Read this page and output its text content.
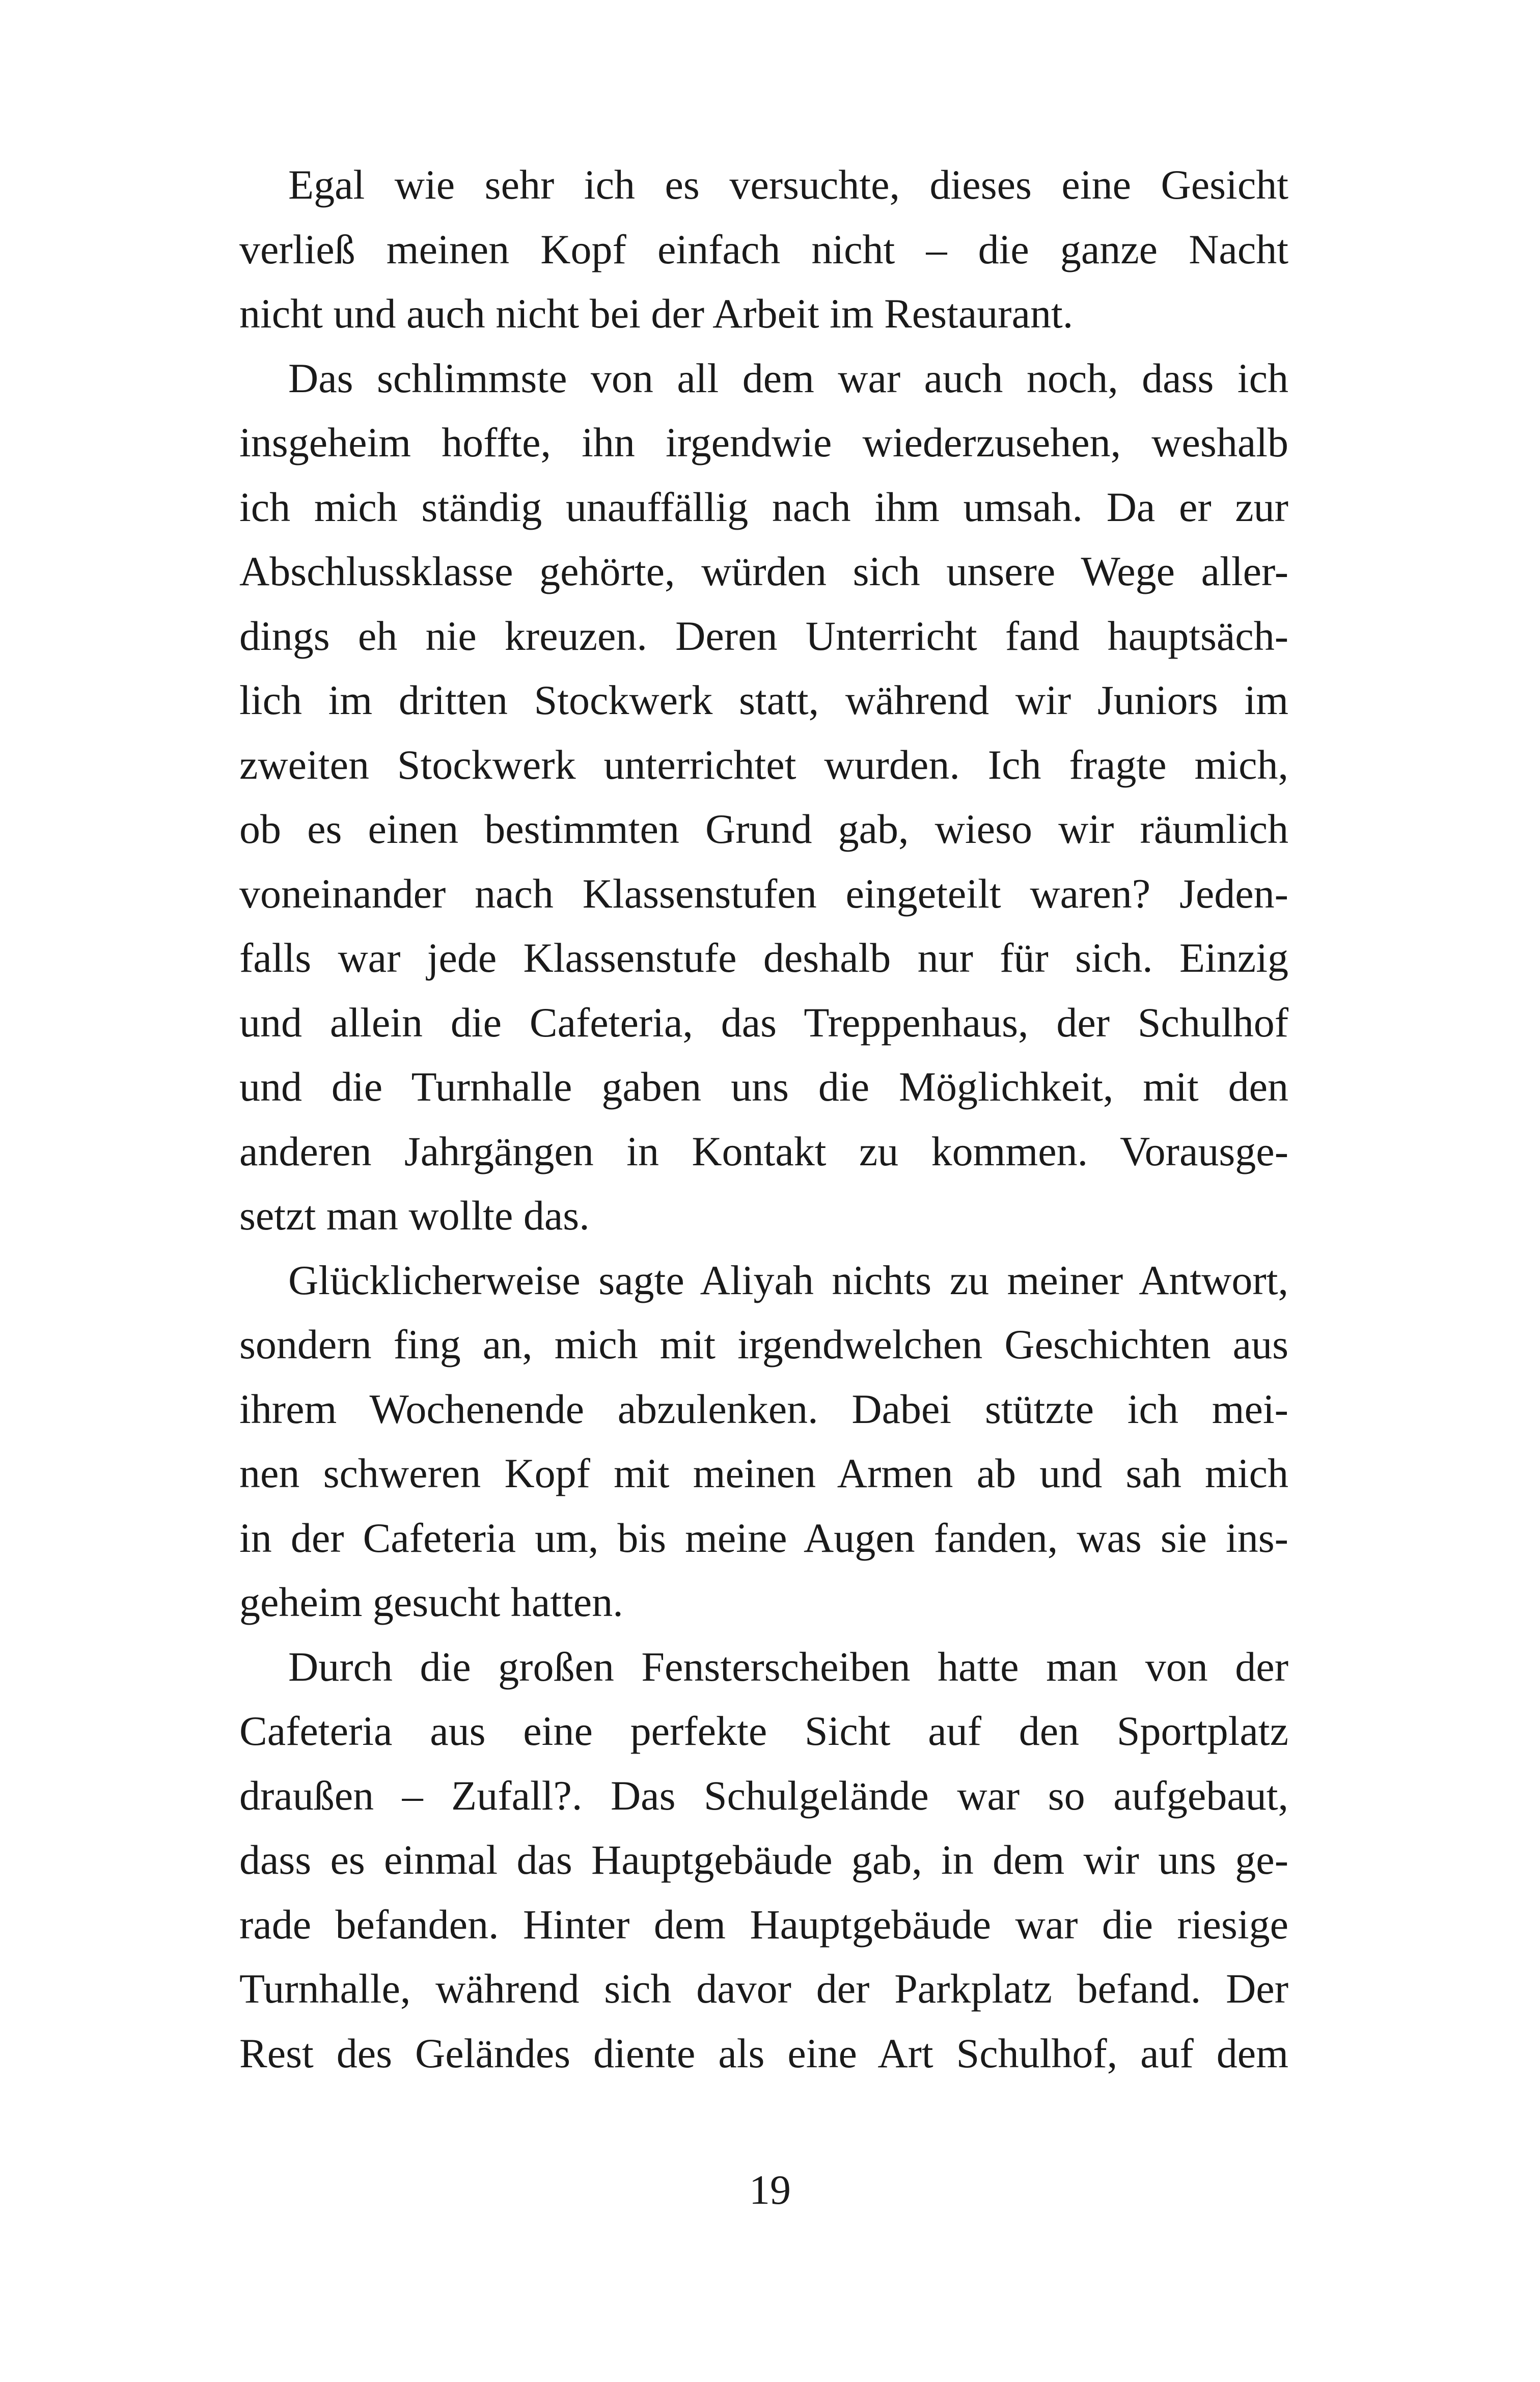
Egal wie sehr ich es versuchte, dieses eine Gesicht
verließ meinen Kopf einfach nicht – die ganze Nacht
nicht und auch nicht bei der Arbeit im Restaurant.
Das schlimmste von all dem war auch noch, dass ich
insgeheim hoffte, ihn irgendwie wiederzusehen, weshalb
ich mich ständig unauffällig nach ihm umsah. Da er zur
Abschlussklasse gehörte, würden sich unsere Wege aller-
dings eh nie kreuzen. Deren Unterricht fand hauptsäch-
lich im dritten Stockwerk statt, während wir Juniors im
zweiten Stockwerk unterrichtet wurden. Ich fragte mich,
ob es einen bestimmten Grund gab, wieso wir räumlich
voneinander nach Klassenstufen eingeteilt waren? Jeden-
falls war jede Klassenstufe deshalb nur für sich. Einzig
und allein die Cafeteria, das Treppenhaus, der Schulhof
und die Turnhalle gaben uns die Möglichkeit, mit den
anderen Jahrgängen in Kontakt zu kommen. Vorausge-
setzt man wollte das.
Glücklicherweise sagte Aliyah nichts zu meiner Antwort,
sondern fing an, mich mit irgendwelchen Geschichten aus
ihrem Wochenende abzulenken. Dabei stützte ich mei-
nen schweren Kopf mit meinen Armen ab und sah mich
in der Cafeteria um, bis meine Augen fanden, was sie ins-
geheim gesucht hatten.
Durch die großen Fensterscheiben hatte man von der
Cafeteria aus eine perfekte Sicht auf den Sportplatz
draußen – Zufall?. Das Schulgelände war so aufgebaut,
dass es einmal das Hauptgebäude gab, in dem wir uns ge-
rade befanden. Hinter dem Hauptgebäude war die riesige
Turnhalle, während sich davor der Parkplatz befand. Der
Rest des Geländes diente als eine Art Schulhof, auf dem
19
